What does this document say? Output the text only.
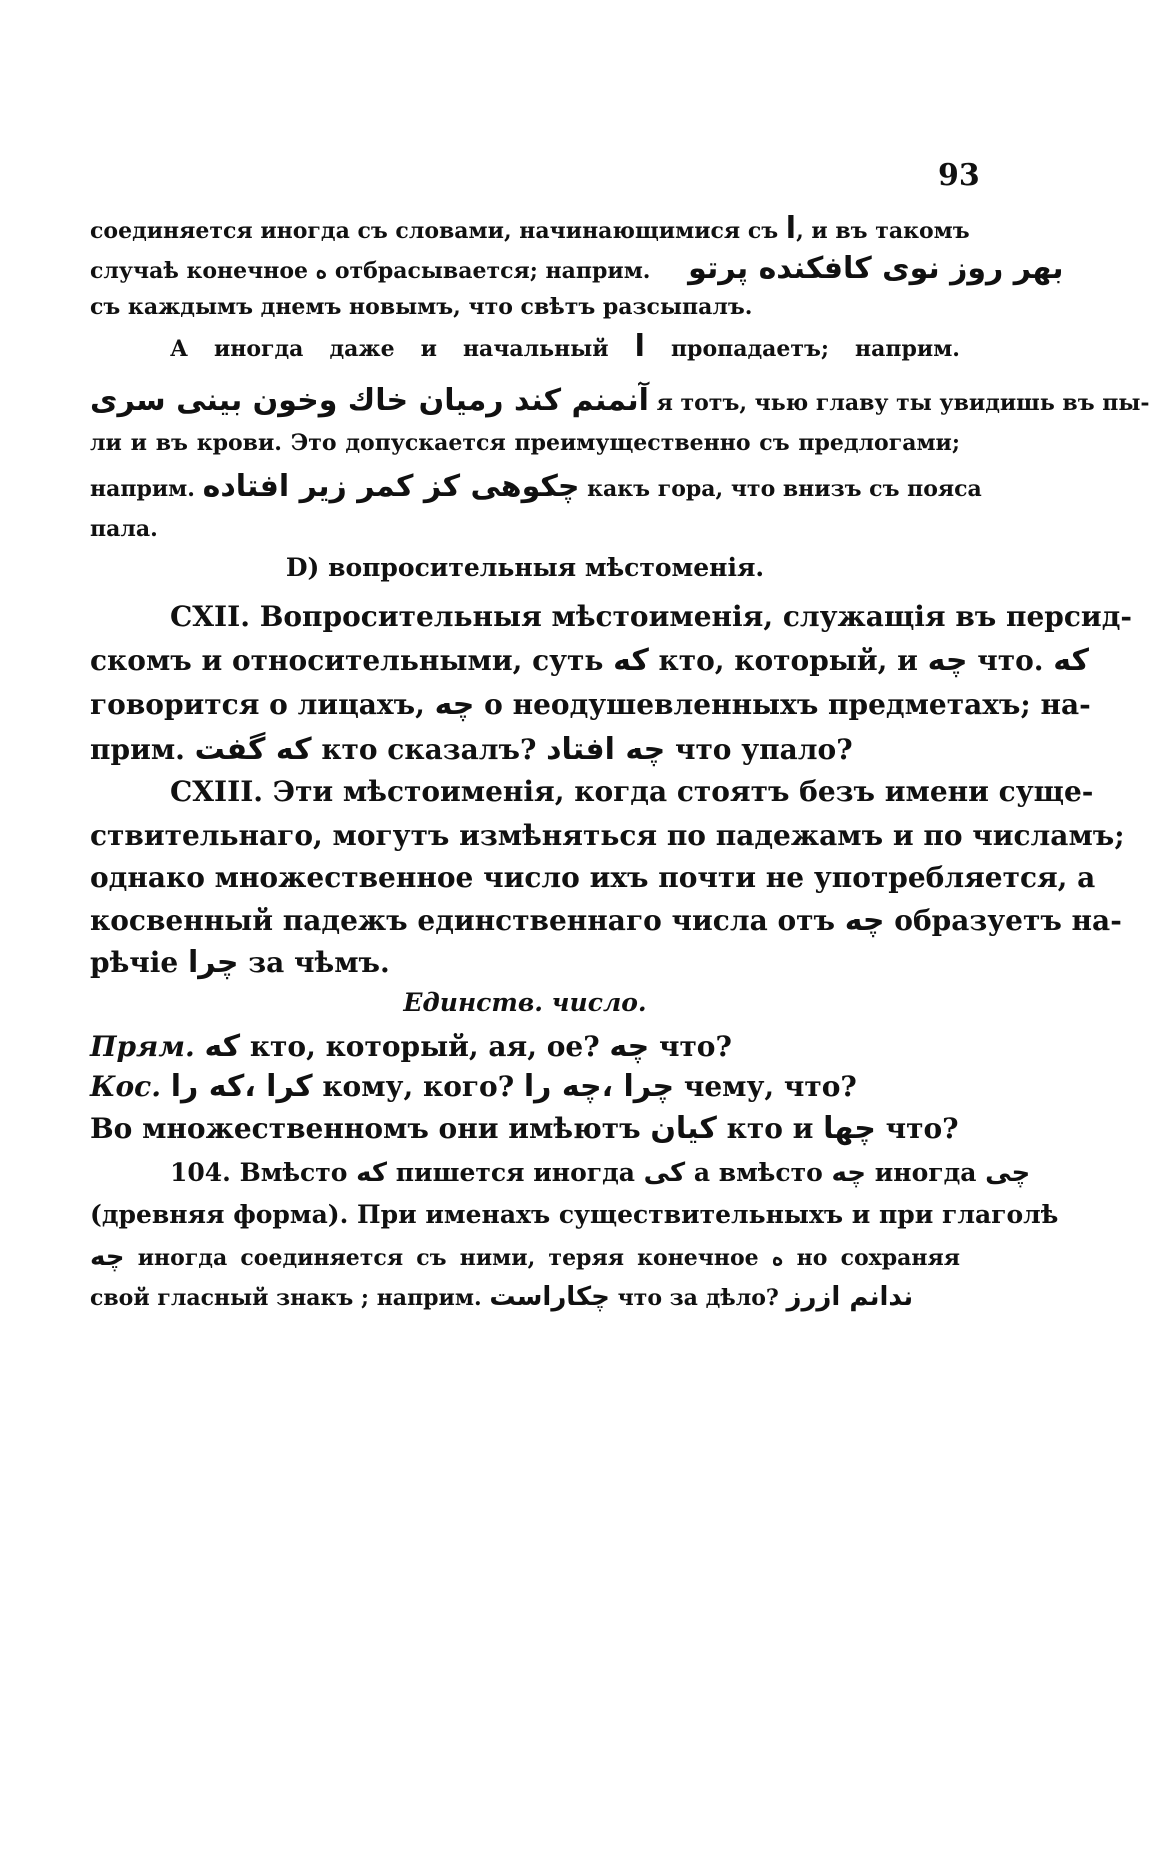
93
соединяется иногда съ словами, начинающимися съ ا, и въ такомъ
случаѣ конечное ه отбрасывается; наприм. بهر روز نوی کافکنده پرتو
съ каждымъ днемъ новымъ, что свѣтъ разсыпалъ.
А иногда даже и начальный ا пропадаетъ; наприм.
آنمنم کند رمیان خاك وخون بینی سری я тотъ, чью главу ты увидишь въ пы-
ли и въ крови. Это допускается преимущественно съ предлогами;
наприм. چکوهی کز کمر زیر افتاده какъ гора, что внизъ съ пояса
пала.
D) вопросительныя мѣстоменія.
CXII. Вопросительныя мѣстоименія, служащія въ персид-
скомъ и относительными, суть كه кто, который, и چه что. كه
говорится о лицахъ, چه о неодушевленныхъ предметахъ; на-
прим. كه گفت кто сказалъ? چه افتاد что упало?
CXIII. Эти мѣстоименія, когда стоятъ безъ имени суще-
ствительнаго, могутъ измѣняться по падежамъ и по числамъ;
однако множественное число ихъ почти не употребляется, а
косвенный падежъ единственнаго числа отъ چه образуетъ на-
рѣчіе چرا за чѣмъ.
Единств. число.
Прям. كه кто, который, ая, ое? چه что?
Кос. كرا ،كه را кому, кого? چرا ،چه را чему, что?
Во множественномъ они имѣютъ كيان кто и چها что?
104. Вмѣсто كه пишется иногда كى а вмѣсто چه иногда چى
(древняя форма). При именахъ существительныхъ и при глаголѣ
چه иногда соединяется съ ними, теряя конечное ه но сохраняя
свой гласный знакъ ; наприм. چكاراست что за дѣло? ندانم ازرز
